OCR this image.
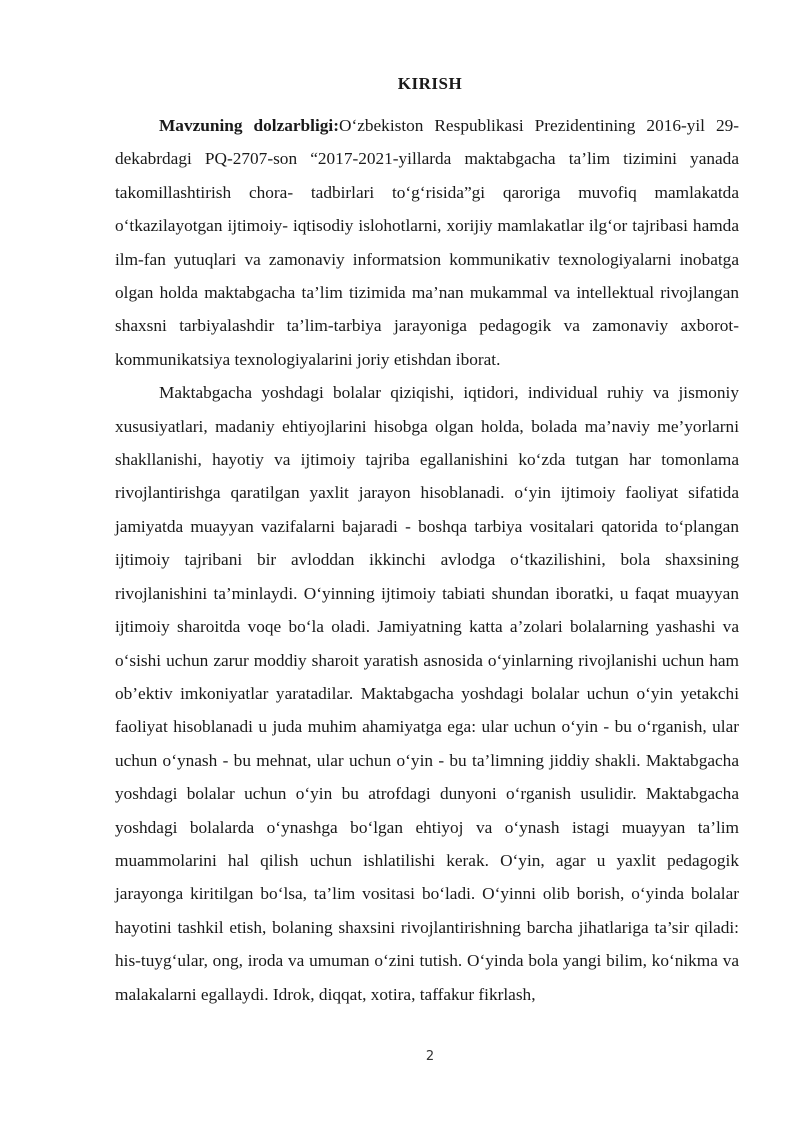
KIRISH

Mavzuning dolzarbligi:O‘zbekiston Respublikasi Prezidentining 2016-yil 29- dekabrdagi PQ-2707-son “2017-2021-yillarda maktabgacha ta’lim tizimini yanada takomillashtirish chora- tadbirlari to‘g‘risida”gi qaroriga muvofiq mamlakatda o‘tkazilayotgan ijtimoiy- iqtisodiy islohotlarni, xorijiy mamlakatlar ilg‘or tajribasi hamda ilm-fan yutuqlari va zamonaviy informatsion kommunikativ texnologiyalarni inobatga olgan holda maktabgacha ta’lim tizimida ma’nan mukammal va intellektual rivojlangan shaxsni tarbiyalashdir ta’lim-tarbiya jarayoniga pedagogik va zamonaviy axborot- kommunikatsiya texnologiyalarini joriy etishdan iborat.

Maktabgacha yoshdagi bolalar qiziqishi, iqtidori, individual ruhiy va jismoniy xususiyatlari, madaniy ehtiyojlarini hisobga olgan holda, bolada ma’naviy me’yorlarni shakllanishi, hayotiy va ijtimoiy tajriba egallanishini ko‘zda tutgan har tomonlama rivojlantirishga qaratilgan yaxlit jarayon hisoblanadi. o‘yin ijtimoiy faoliyat sifatida jamiyatda muayyan vazifalarni bajaradi - boshqa tarbiya vositalari qatorida to‘plangan ijtimoiy tajribani bir avloddan ikkinchi avlodga o‘tkazilishini, bola shaxsining rivojlanishini ta’minlaydi. O‘yinning ijtimoiy tabiati shundan iboratki, u faqat muayyan ijtimoiy sharoitda voqe bo‘la oladi. Jamiyatning katta a’zolari bolalarning yashashi va o‘sishi uchun zarur moddiy sharoit yaratish asnosida o‘yinlarning rivojlanishi uchun ham ob’ektiv imkoniyatlar yaratadilar. Maktabgacha yoshdagi bolalar uchun o‘yin yetakchi faoliyat hisoblanadi u juda muhim ahamiyatga ega: ular uchun o‘yin - bu o‘rganish, ular uchun o‘ynash - bu mehnat, ular uchun o‘yin - bu ta’limning jiddiy shakli. Maktabgacha yoshdagi bolalar uchun o‘yin bu atrofdagi dunyoni o‘rganish usulidir. Maktabgacha yoshdagi bolalarda o‘ynashga bo‘lgan ehtiyoj va o‘ynash istagi muayyan ta’lim muammolarini hal qilish uchun ishlatilishi kerak. O‘yin, agar u yaxlit pedagogik jarayonga kiritilgan bo‘lsa, ta’lim vositasi bo‘ladi. O‘yinni olib borish, o‘yinda bolalar hayotini tashkil etish, bolaning shaxsini rivojlantirishning barcha jihatlariga ta’sir qiladi: his-tuyg‘ular, ong, iroda va umuman o‘zini tutish. O‘yinda bola yangi bilim, ko‘nikma va malakalarni egallaydi. Idrok, diqqat, xotira, taffakur fikrlash,

2
